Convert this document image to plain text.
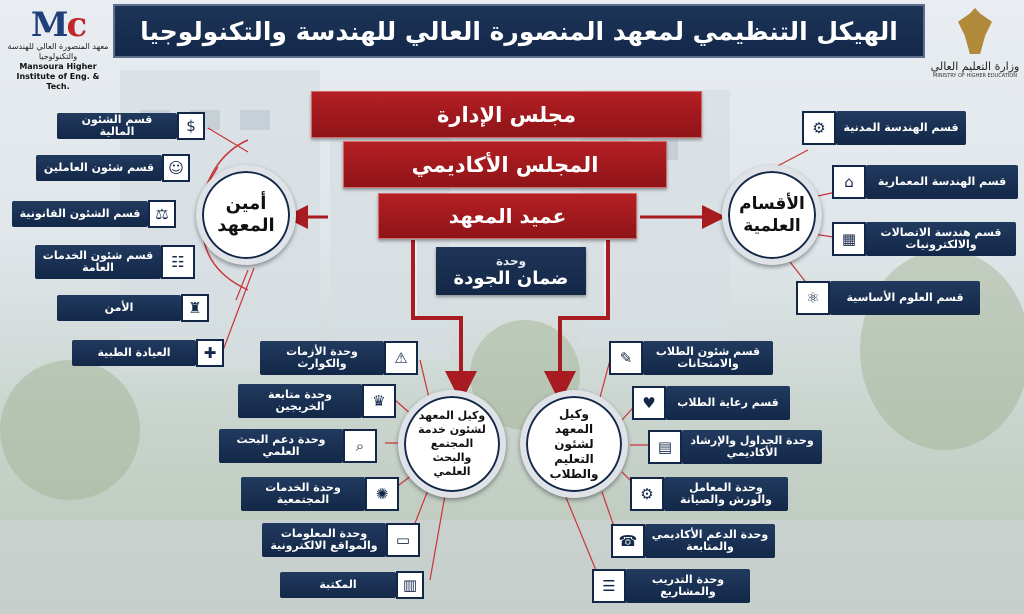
Mc
معهد المنصورة العالي للهندسة والتكنولوجيا
Mansoura Higher
Institute of Eng. & Tech.
الهيكل التنظيمي لمعهد المنصورة العالي للهندسة والتكنولوجيا
وزارة التعليم العالي
MINISTRY OF HIGHER EDUCATION
مجلس الإدارة
المجلس الأكاديمي
عميد المعهد
وحدة
ضمان الجودة
أمين المعهد
الأقسام العلمية
وكيل المعهد لشئون خدمة المجتمع والبحث العلمي
وكيل المعهد لشئون التعليم والطلاب
$
قسم الشئون المالية
☺
قسم شئون العاملين
⚖
قسم الشئون القانونية
☷
قسم شئون الخدمات العامة
♜
الأمن
✚
العيادة الطبية
⚙	قسم الهندسة المدنية
⌂	قسم الهندسة المعمارية
▦	قسم هندسة الاتصالات والالكترونيات
⚛	قسم العلوم الأساسية
⚠
وحدة الأزمات والكوارث
♛
وحدة متابعة الخريجين
⌕
وحدة دعم البحث العلمي
✺
وحدة الخدمات المجتمعية
▭
وحدة المعلومات والمواقع الالكترونية
▥
المكتبة
✎	قسم شئون الطلاب والامتحانات
♥	قسم رعاية الطلاب
▤	وحدة الجداول والإرشاد الأكاديمي
⚙	وحدة المعامل والورش والصيانة
☎	وحدة الدعم الأكاديمي والمتابعة
☰	وحدة التدريب والمشاريع
